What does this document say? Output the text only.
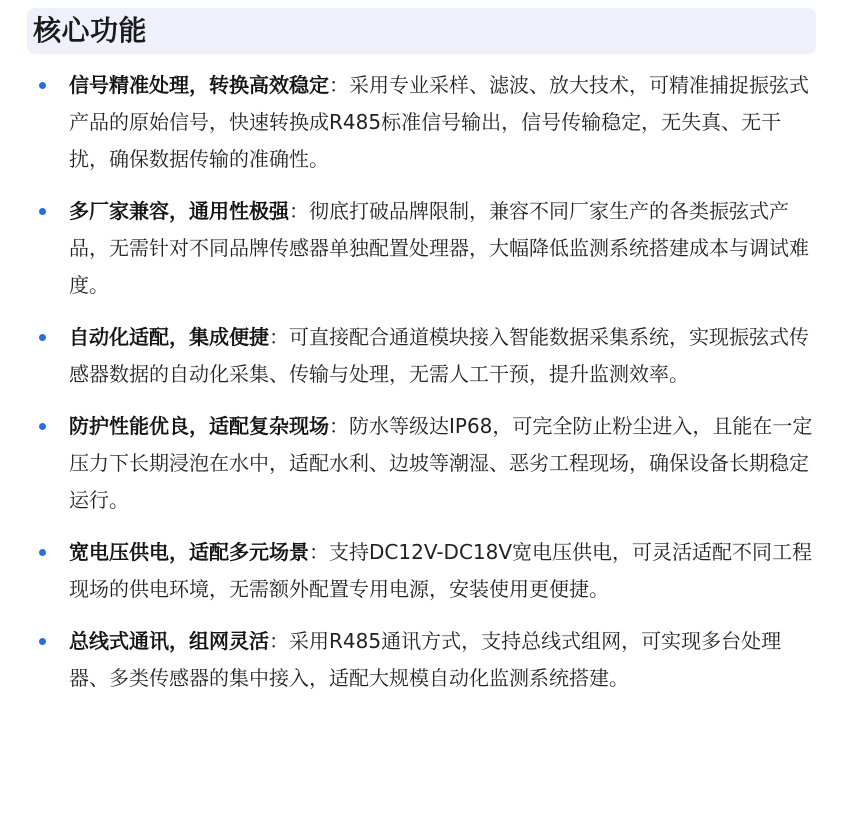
核心功能
信号精准处理，转换高效稳定：采用专业采样、滤波、放大技术，可精准捕捉振弦式产品的原始信号，快速转换成R485标准信号输出，信号传输稳定，无失真、无干扰，确保数据传输的准确性。
多厂家兼容，通用性极强：彻底打破品牌限制，兼容不同厂家生产的各类振弦式产品，无需针对不同品牌传感器单独配置处理器，大幅降低监测系统搭建成本与调试难度。
自动化适配，集成便捷：可直接配合通道模块接入智能数据采集系统，实现振弦式传感器数据的自动化采集、传输与处理，无需人工干预，提升监测效率。
防护性能优良，适配复杂现场：防水等级达IP68，可完全防止粉尘进入，且能在一定压力下长期浸泡在水中，适配水利、边坡等潮湿、恶劣工程现场，确保设备长期稳定运行。
宽电压供电，适配多元场景：支持DC12V-DC18V宽电压供电，可灵活适配不同工程现场的供电环境，无需额外配置专用电源，安装使用更便捷。
总线式通讯，组网灵活：采用R485通讯方式，支持总线式组网，可实现多台处理器、多类传感器的集中接入，适配大规模自动化监测系统搭建。
